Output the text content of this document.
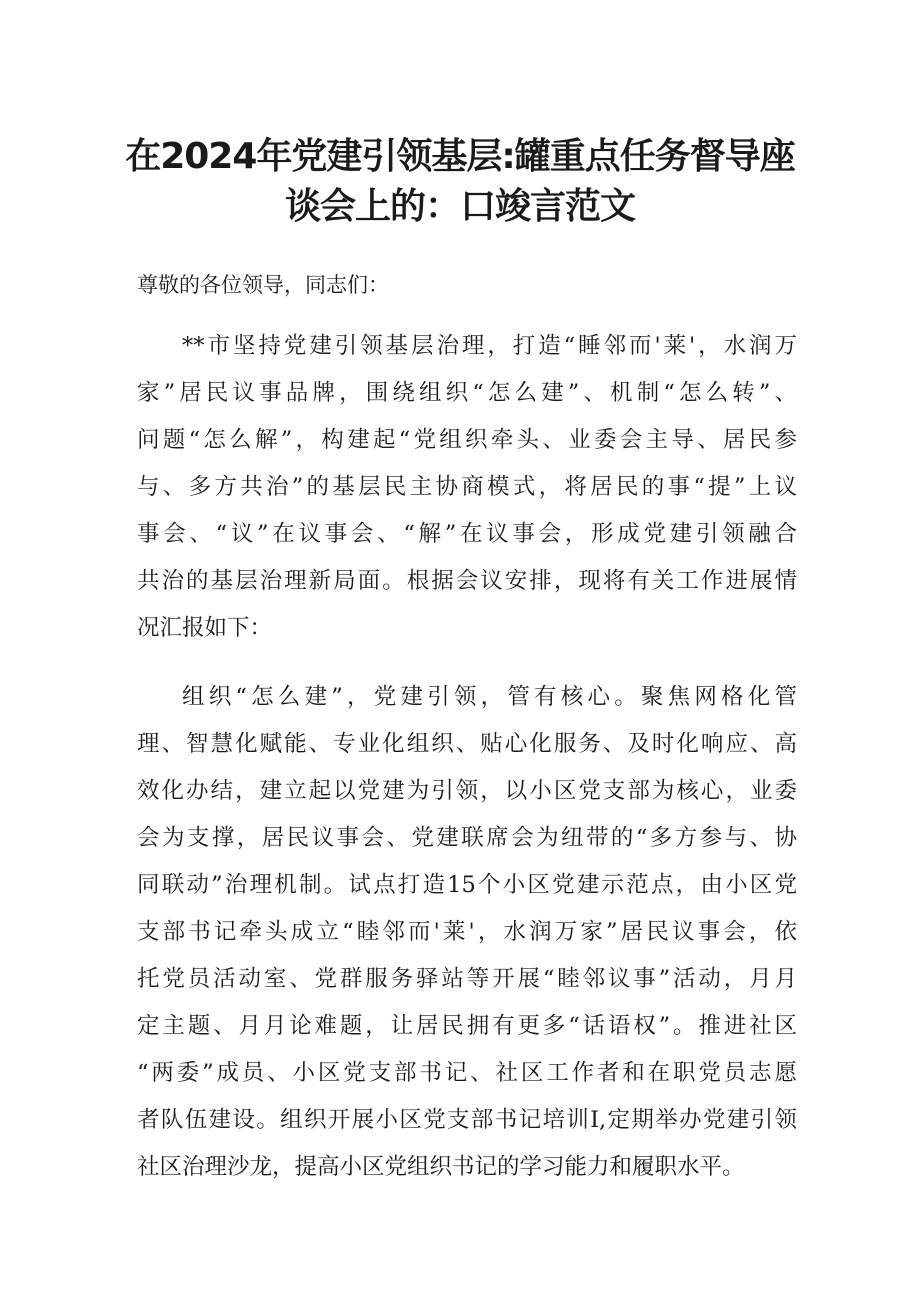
在2024年党建引领基层:罐重点任务督导座
谈会上的：口竣言范文

尊敬的各位领导，同志们：

**市坚持党建引领基层治理，打造“睡邻而'莱'，水润万
家”居民议事品牌，围绕组织“怎么建”、机制“怎么转”、
问题“怎么解”，构建起“党组织牵头、业委会主导、居民参
与、多方共治”的基层民主协商模式，将居民的事“提”上议
事会、“议”在议事会、“解”在议事会，形成党建引领融合
共治的基层治理新局面。根据会议安排，现将有关工作进展情
况汇报如下：
组织“怎么建”，党建引领，管有核心。聚焦网格化管
理、智慧化赋能、专业化组织、贴心化服务、及时化响应、高
效化办结，建立起以党建为引领，以小区党支部为核心，业委
会为支撑，居民议事会、党建联席会为纽带的“多方参与、协
同联动”治理机制。试点打造15个小区党建示范点，由小区党
支部书记牵头成立“睦邻而'莱'，水润万家”居民议事会，依
托党员活动室、党群服务驿站等开展“睦邻议事”活动，月月
定主题、月月论难题，让居民拥有更多“话语权”。推进社区
“两委”成员、小区党支部书记、社区工作者和在职党员志愿
者队伍建设。组织开展小区党支部书记培训I,定期举办党建引领
社区治理沙龙，提高小区党组织书记的学习能力和履职水平。
